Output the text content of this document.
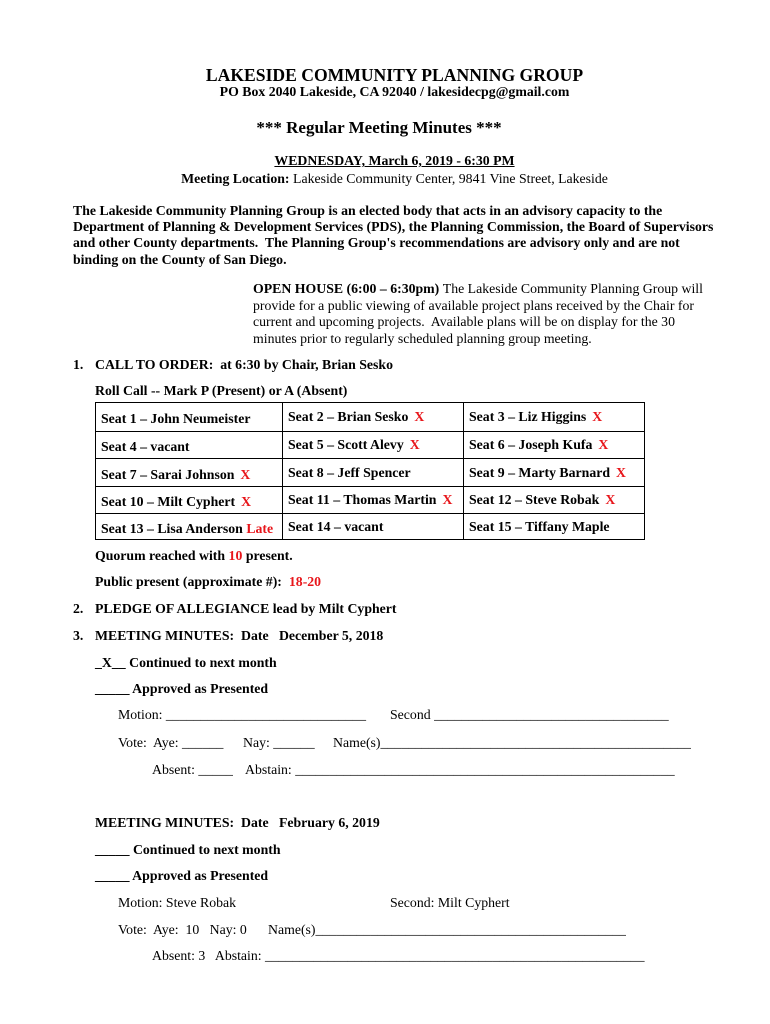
LAKESIDE COMMUNITY PLANNING GROUP
PO Box 2040 Lakeside, CA 92040 / lakesidecpg@gmail.com
*** Regular Meeting Minutes ***
WEDNESDAY, March 6, 2019 - 6:30 PM
Meeting Location: Lakeside Community Center, 9841 Vine Street, Lakeside
The Lakeside Community Planning Group is an elected body that acts in an advisory capacity to the
Department of Planning & Development Services (PDS), the Planning Commission, the Board of Supervisors
and other County departments.  The Planning Group's recommendations are advisory only and are not
binding on the County of San Diego.
OPEN HOUSE (6:00 – 6:30pm) The Lakeside Community Planning Group will
provide for a public viewing of available project plans received by the Chair for
current and upcoming projects.  Available plans will be on display for the 30
minutes prior to regularly scheduled planning group meeting.
1. CALL TO ORDER:  at 6:30 by Chair, Brian Sesko
Roll Call -- Mark P (Present) or A (Absent)
Seat 1 – John Neumeister	Seat 2 – Brian Sesko X	Seat 3 – Liz Higgins X
Seat 4 – vacant	Seat 5 – Scott Alevy X	Seat 6 – Joseph Kufa X
Seat 7 – Sarai Johnson X	Seat 8 – Jeff Spencer	Seat 9 – Marty Barnard X
Seat 10 – Milt Cyphert X	Seat 11 – Thomas Martin X	Seat 12 – Steve Robak X
Seat 13 – Lisa Anderson Late	Seat 14 – vacant	Seat 15 – Tiffany Maple
Quorum reached with 10 present.
Public present (approximate #): 18-20
2. PLEDGE OF ALLEGIANCE lead by Milt Cyphert
3. MEETING MINUTES:  Date   December 5, 2018
_X__ Continued to next month
_____ Approved as Presented
Motion: _____________________________ Second __________________________________
Vote:  Aye: ______ Nay: ______ Name(s)_____________________________________________
Absent: _____ Abstain: _______________________________________________________
MEETING MINUTES:  Date   February 6, 2019
_____ Continued to next month
_____ Approved as Presented
Motion: Steve Robak	Second: Milt Cyphert
Vote:  Aye:  10   Nay: 0 Name(s)_____________________________________________
Absent: 3   Abstain: _______________________________________________________
